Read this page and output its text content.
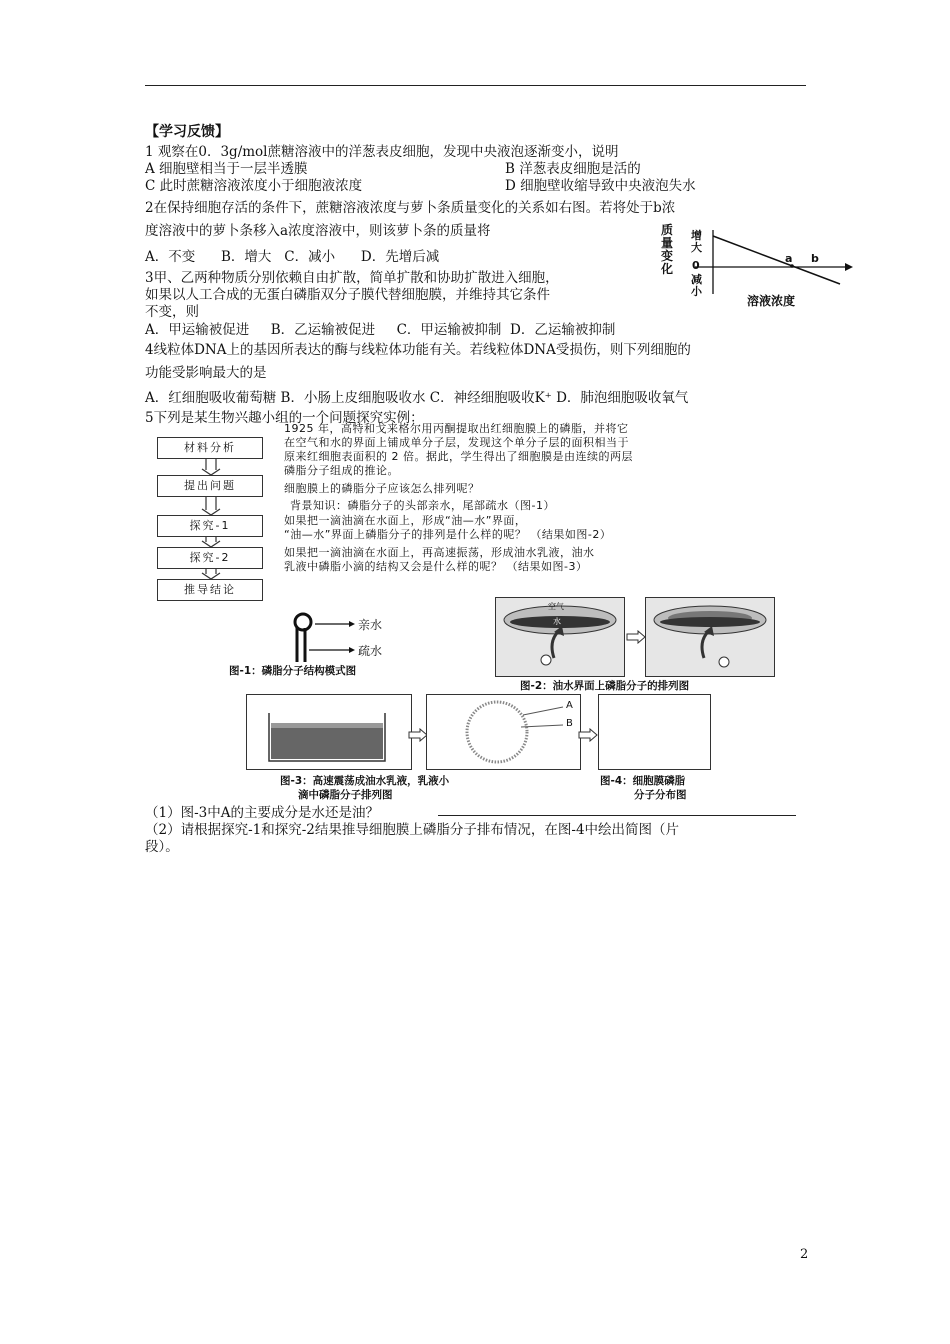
【学习反馈】
1 观察在0．3g/mol蔗糖溶液中的洋葱表皮细胞，发现中央液泡逐渐变小，说明
A 细胞壁相当于一层半透膜	B 洋葱表皮细胞是活的
C 此时蔗糖溶液浓度小于细胞液浓度	D 细胞壁收缩导致中央液泡失水
2在保持细胞存活的条件下，蔗糖溶液浓度与萝卜条质量变化的关系如右图。若将处于b浓
度溶液中的萝卜条移入a浓度溶液中，则该萝卜条的质量将
A．不变      B．增大   C．减小      D．先增后减
质量变化
增大
0
减小
a b
溶液浓度
3甲、乙两种物质分别依赖自由扩散，简单扩散和协助扩散进入细胞，
如果以人工合成的无蛋白磷脂双分子膜代替细胞膜，并维持其它条件
不变，则
A．甲运输被促进     B．乙运输被促进     C．甲运输被抑制  D．乙运输被抑制
4线粒体DNA上的基因所表达的酶与线粒体功能有关。若线粒体DNA受损伤，则下列细胞的
功能受影响最大的是
A．红细胞吸收葡萄糖 B．小肠上皮细胞吸收水 C．神经细胞吸收K⁺ D．肺泡细胞吸收氧气
5下列是某生物兴趣小组的一个问题探究实例：
材料分析
提出问题
探究-1
探究-2
推导结论
1925 年，高特和戈来格尔用丙酮提取出红细胞膜上的磷脂，并将它
在空气和水的界面上铺成单分子层，发现这个单分子层的面积相当于
原来红细胞表面积的 2 倍。据此，学生得出了细胞膜是由连续的两层
磷脂分子组成的推论。
细胞膜上的磷脂分子应该怎么排列呢？
背景知识：磷脂分子的头部亲水，尾部疏水（图-1）
如果把一滴油滴在水面上，形成“油—水”界面，
“油—水”界面上磷脂分子的排列是什么样的呢？ （结果如图-2）
如果把一滴油滴在水面上，再高速振荡，形成油水乳液，油水
乳液中磷脂小滴的结构又会是什么样的呢？ （结果如图-3）
亲水
疏水
图-1：磷脂分子结构模式图
空气
水
图-2：油水界面上磷脂分子的排列图
A
B
图-3：高速震荡成油水乳液，乳液小
滴中磷脂分子排列图
图-4：细胞膜磷脂
分子分布图
（1）图-3中A的主要成分是水还是油？
（2）请根据探究-1和探究-2结果推导细胞膜上磷脂分子排布情况，在图-4中绘出简图（片
段）。
2
